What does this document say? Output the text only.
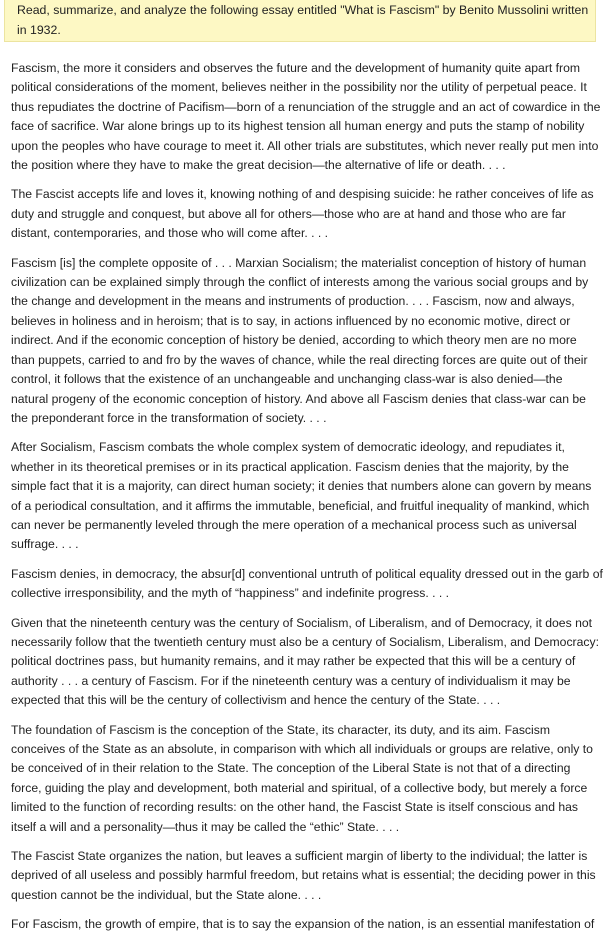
Read, summarize, and analyze the following essay entitled "What is Fascism" by Benito Mussolini written in 1932.

Fascism, the more it considers and observes the future and the development of humanity quite apart from political considerations of the moment, believes neither in the possibility nor the utility of perpetual peace. It thus repudiates the doctrine of Pacifism—born of a renunciation of the struggle and an act of cowardice in the face of sacrifice. War alone brings up to its highest tension all human energy and puts the stamp of nobility upon the peoples who have courage to meet it. All other trials are substitutes, which never really put men into the position where they have to make the great decision—the alternative of life or death. . . .

The Fascist accepts life and loves it, knowing nothing of and despising suicide: he rather conceives of life as duty and struggle and conquest, but above all for others—those who are at hand and those who are far distant, contemporaries, and those who will come after. . . .

Fascism [is] the complete opposite of . . . Marxian Socialism; the materialist conception of history of human civilization can be explained simply through the conflict of interests among the various social groups and by the change and development in the means and instruments of production. . . . Fascism, now and always, believes in holiness and in heroism; that is to say, in actions influenced by no economic motive, direct or indirect. And if the economic conception of history be denied, according to which theory men are no more than puppets, carried to and fro by the waves of chance, while the real directing forces are quite out of their control, it follows that the existence of an unchangeable and unchanging class-war is also denied—the natural progeny of the economic conception of history. And above all Fascism denies that class-war can be the preponderant force in the transformation of society. . . .

After Socialism, Fascism combats the whole complex system of democratic ideology, and repudiates it, whether in its theoretical premises or in its practical application. Fascism denies that the majority, by the simple fact that it is a majority, can direct human society; it denies that numbers alone can govern by means of a periodical consultation, and it affirms the immutable, beneficial, and fruitful inequality of mankind, which can never be permanently leveled through the mere operation of a mechanical process such as universal suffrage. . . .

Fascism denies, in democracy, the absur[d] conventional untruth of political equality dressed out in the garb of collective irresponsibility, and the myth of “happiness” and indefinite progress. . . .

Given that the nineteenth century was the century of Socialism, of Liberalism, and of Democracy, it does not necessarily follow that the twentieth century must also be a century of Socialism, Liberalism, and Democracy: political doctrines pass, but humanity remains, and it may rather be expected that this will be a century of authority . . . a century of Fascism. For if the nineteenth century was a century of individualism it may be expected that this will be the century of collectivism and hence the century of the State. . . .

The foundation of Fascism is the conception of the State, its character, its duty, and its aim. Fascism conceives of the State as an absolute, in comparison with which all individuals or groups are relative, only to be conceived of in their relation to the State. The conception of the Liberal State is not that of a directing force, guiding the play and development, both material and spiritual, of a collective body, but merely a force limited to the function of recording results: on the other hand, the Fascist State is itself conscious and has itself a will and a personality—thus it may be called the “ethic” State. . . .

The Fascist State organizes the nation, but leaves a sufficient margin of liberty to the individual; the latter is deprived of all useless and possibly harmful freedom, but retains what is essential; the deciding power in this question cannot be the individual, but the State alone. . . .

For Fascism, the growth of empire, that is to say the expansion of the nation, is an essential manifestation of
